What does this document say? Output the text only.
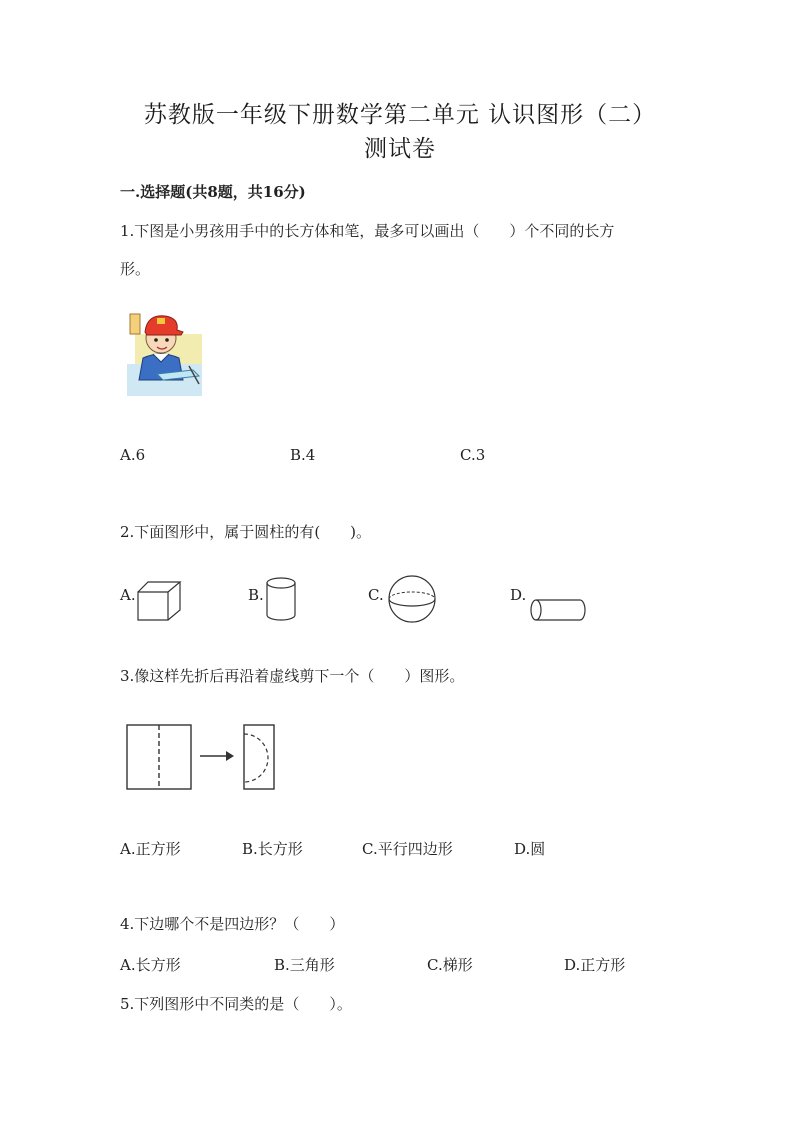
苏教版一年级下册数学第二单元 认识图形（二）
测试卷
一.选择题(共8题，共16分)
1.下图是小男孩用手中的长方体和笔，最多可以画出（　　）个不同的长方
形。
A.6	B.4	C.3
2.下面图形中，属于圆柱的有(　　)。
A.	B.	C.	D.
3.像这样先折后再沿着虚线剪下一个（　　）图形。
A.正方形	B.长方形	C.平行四边形	D.圆
4.下边哪个不是四边形？（　　）
A.长方形	B.三角形	C.梯形	D.正方形
5.下列图形中不同类的是（　　）。
